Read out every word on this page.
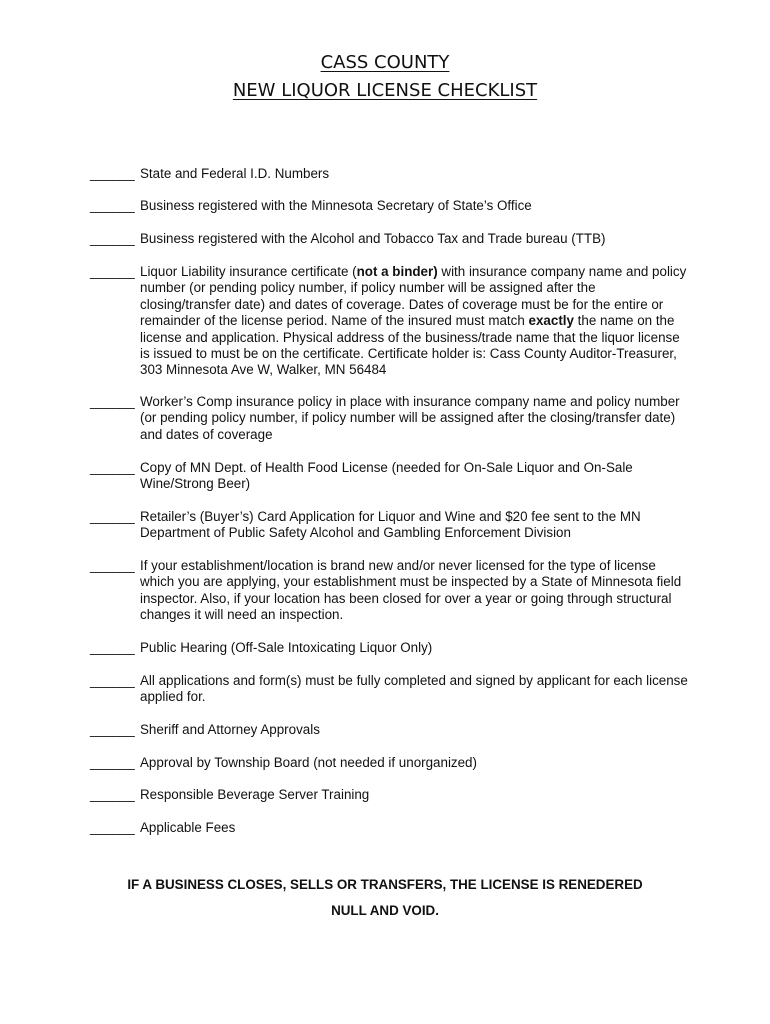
CASS COUNTY
NEW LIQUOR LICENSE CHECKLIST
______ State and Federal I.D. Numbers
______ Business registered with the Minnesota Secretary of State’s Office
______ Business registered with the Alcohol and Tobacco Tax and Trade bureau (TTB)
______ Liquor Liability insurance certificate (not a binder) with insurance company name and policy number (or pending policy number, if policy number will be assigned after the closing/transfer date) and dates of coverage. Dates of coverage must be for the entire or remainder of the license period. Name of the insured must match exactly the name on the license and application. Physical address of the business/trade name that the liquor license is issued to must be on the certificate. Certificate holder is: Cass County Auditor-Treasurer, 303 Minnesota Ave W, Walker, MN 56484
______ Worker’s Comp insurance policy in place with insurance company name and policy number (or pending policy number, if policy number will be assigned after the closing/transfer date) and dates of coverage
______ Copy of MN Dept. of Health Food License (needed for On-Sale Liquor and On-Sale Wine/Strong Beer)
______ Retailer’s (Buyer’s) Card Application for Liquor and Wine and $20 fee sent to the MN Department of Public Safety Alcohol and Gambling Enforcement Division
______ If your establishment/location is brand new and/or never licensed for the type of license which you are applying, your establishment must be inspected by a State of Minnesota field inspector. Also, if your location has been closed for over a year or going through structural changes it will need an inspection.
______ Public Hearing (Off-Sale Intoxicating Liquor Only)
______ All applications and form(s) must be fully completed and signed by applicant for each license applied for.
______ Sheriff and Attorney Approvals
______ Approval by Township Board (not needed if unorganized)
______ Responsible Beverage Server Training
______ Applicable Fees
IF A BUSINESS CLOSES, SELLS OR TRANSFERS, THE LICENSE IS RENEDERED
NULL AND VOID.
